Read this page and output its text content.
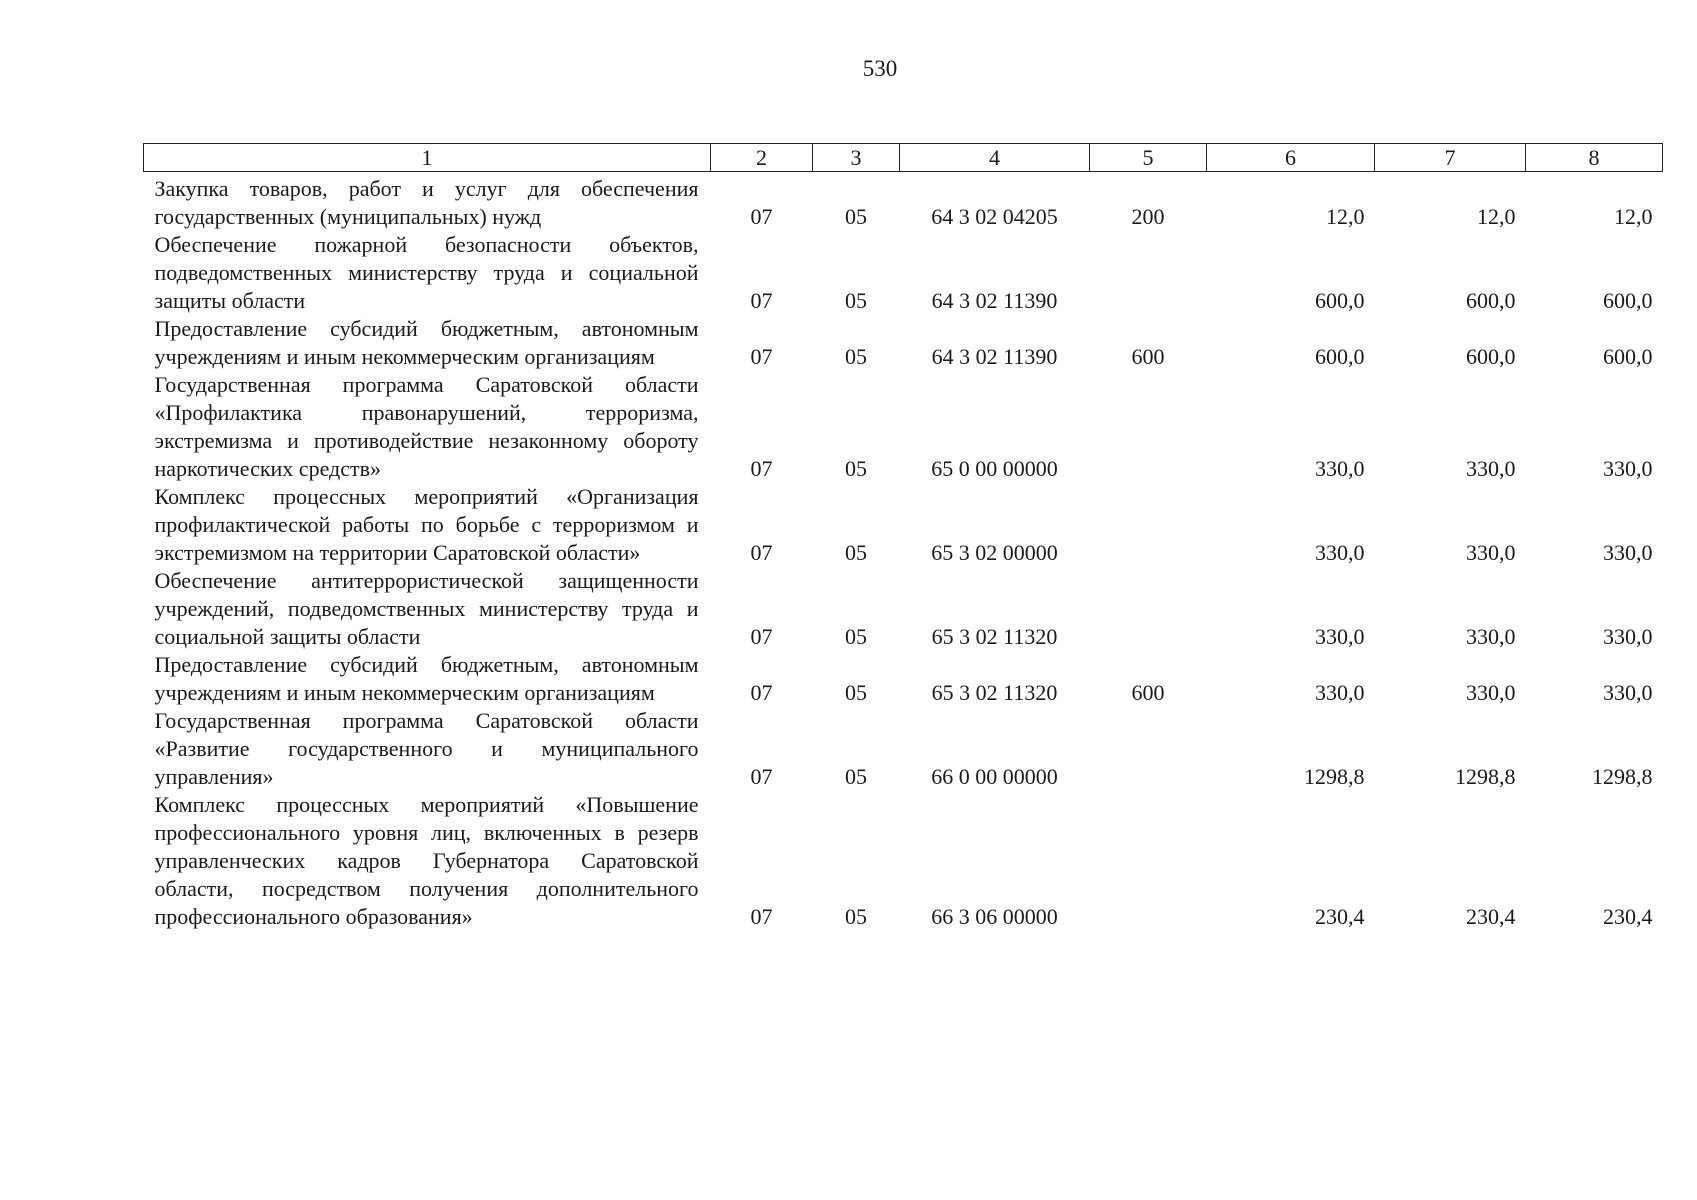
530
1	2	3	4	5	6	7	8
Закупка товаров, работ и услуг для обеспечения государственных (муниципальных) нужд	07	05	64 3 02 04205	200	12,0	12,0	12,0
Обеспечение пожарной безопасности объектов, подведомственных министерству труда и социальной защиты области	07	05	64 3 02 11390		600,0	600,0	600,0
Предоставление субсидий бюджетным, автономным учреждениям и иным некоммерческим организациям	07	05	64 3 02 11390	600	600,0	600,0	600,0
Государственная программа Саратовской области «Профилактика правонарушений, терроризма, экстремизма и противодействие незаконному обороту наркотических средств»	07	05	65 0 00 00000		330,0	330,0	330,0
Комплекс процессных мероприятий «Организация профилактической работы по борьбе с терроризмом и экстремизмом на территории Саратовской области»	07	05	65 3 02 00000		330,0	330,0	330,0
Обеспечение антитеррористической защищенности учреждений, подведомственных министерству труда и социальной защиты области	07	05	65 3 02 11320		330,0	330,0	330,0
Предоставление субсидий бюджетным, автономным учреждениям и иным некоммерческим организациям	07	05	65 3 02 11320	600	330,0	330,0	330,0
Государственная программа Саратовской области «Развитие государственного и муниципального управления»	07	05	66 0 00 00000		1298,8	1298,8	1298,8
Комплекс процессных мероприятий «Повышение профессионального уровня лиц, включенных в резерв управленческих кадров Губернатора Саратовской области, посредством получения дополнительного профессионального образования»	07	05	66 3 06 00000		230,4	230,4	230,4
